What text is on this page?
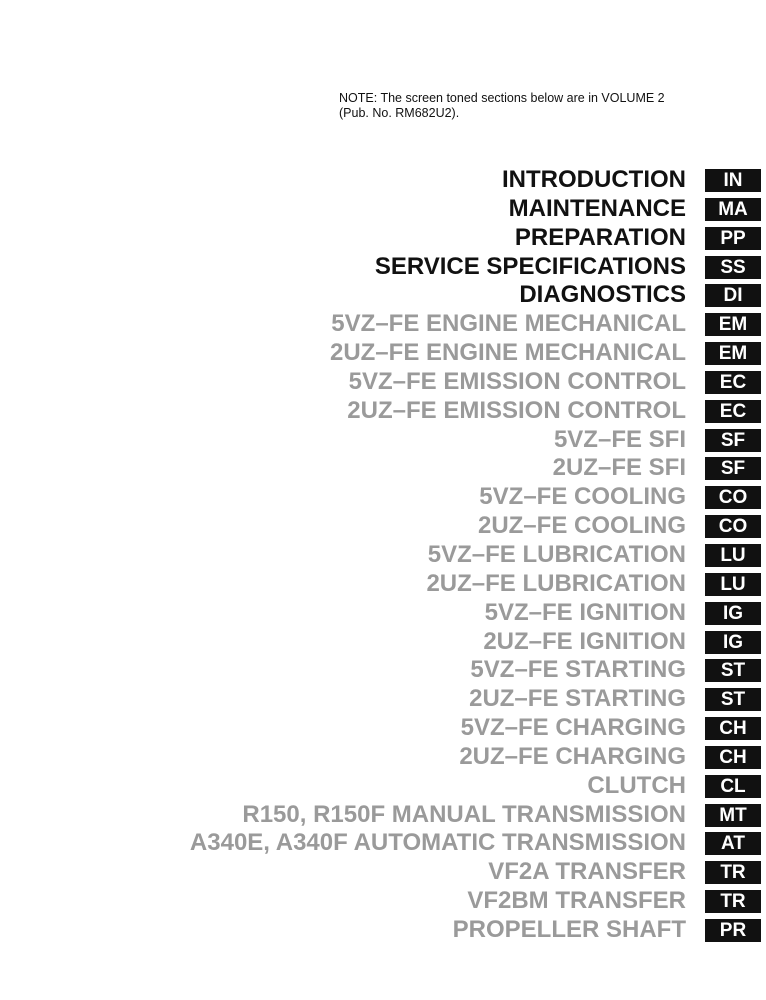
NOTE: The screen toned sections below are in VOLUME 2
(Pub. No. RM682U2).
INTRODUCTION	IN
MAINTENANCE	MA
PREPARATION	PP
SERVICE SPECIFICATIONS	SS
DIAGNOSTICS	DI
5VZ–FE ENGINE MECHANICAL	EM
2UZ–FE ENGINE MECHANICAL	EM
5VZ–FE EMISSION CONTROL	EC
2UZ–FE EMISSION CONTROL	EC
5VZ–FE SFI	SF
2UZ–FE SFI	SF
5VZ–FE COOLING	CO
2UZ–FE COOLING	CO
5VZ–FE LUBRICATION	LU
2UZ–FE LUBRICATION	LU
5VZ–FE IGNITION	IG
2UZ–FE IGNITION	IG
5VZ–FE STARTING	ST
2UZ–FE STARTING	ST
5VZ–FE CHARGING	CH
2UZ–FE CHARGING	CH
CLUTCH	CL
R150, R150F MANUAL TRANSMISSION	MT
A340E, A340F AUTOMATIC TRANSMISSION	AT
VF2A TRANSFER	TR
VF2BM TRANSFER	TR
PROPELLER SHAFT	PR
